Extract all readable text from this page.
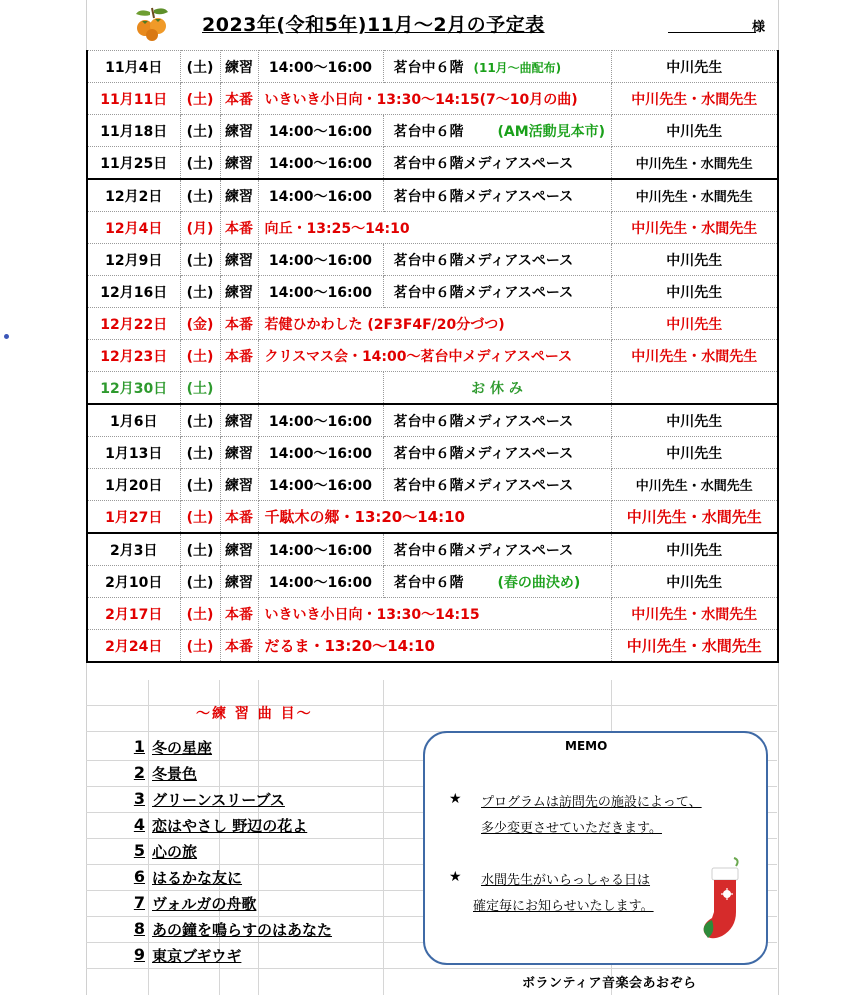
2023年(令和5年)11月～2月の予定表	様
11月4日	(土)	練習	14:00～16:00	茗台中６階 (11月～曲配布)	中川先生
11月11日	(土)	本番	いきいき小日向・13:30～14:15(7～10月の曲)		中川先生・水間先生
11月18日	(土)	練習	14:00～16:00	茗台中６階 (AM活動見本市)	中川先生
11月25日	(土)	練習	14:00～16:00	茗台中６階メディアスペース	中川先生・水間先生
12月2日	(土)	練習	14:00～16:00	茗台中６階メディアスペース	中川先生・水間先生
12月4日	(月)	本番	向丘・13:25～14:10		中川先生・水間先生
12月9日	(土)	練習	14:00～16:00	茗台中６階メディアスペース	中川先生
12月16日	(土)	練習	14:00～16:00	茗台中６階メディアスペース	中川先生
12月22日	(金)	本番	若健ひかわした (2F3F4F/20分づつ)		中川先生
12月23日	(土)	本番	クリスマス会・14:00～茗台中メディアスペース		中川先生・水間先生
12月30日	(土)			お 休 み	
1月6日	(土)	練習	14:00～16:00	茗台中６階メディアスペース	中川先生
1月13日	(土)	練習	14:00～16:00	茗台中６階メディアスペース	中川先生
1月20日	(土)	練習	14:00～16:00	茗台中６階メディアスペース	中川先生・水間先生
1月27日	(土)	本番	千駄木の郷・13:20～14:10		中川先生・水間先生
2月3日	(土)	練習	14:00～16:00	茗台中６階メディアスペース	中川先生
2月10日	(土)	練習	14:00～16:00	茗台中６階 (春の曲決め)	中川先生
2月17日	(土)	本番	いきいき小日向・13:30～14:15		中川先生・水間先生
2月24日	(土)	本番	だるま・13:20～14:10		中川先生・水間先生
～練 習 曲 目～
1 冬の星座
2 冬景色
3 グリーンスリーブス
4 恋はやさし 野辺の花よ
5 心の旅
6 はるかな友に
7 ヴォルガの舟歌
8 あの鐘を鳴らすのはあなた
9 東京ブギウギ
MEMO
★ プログラムは訪問先の施設によって、
多少変更させていただきます。
★ 水間先生がいらっしゃる日は
確定毎にお知らせいたします。
ボランティア音楽会あおぞら
